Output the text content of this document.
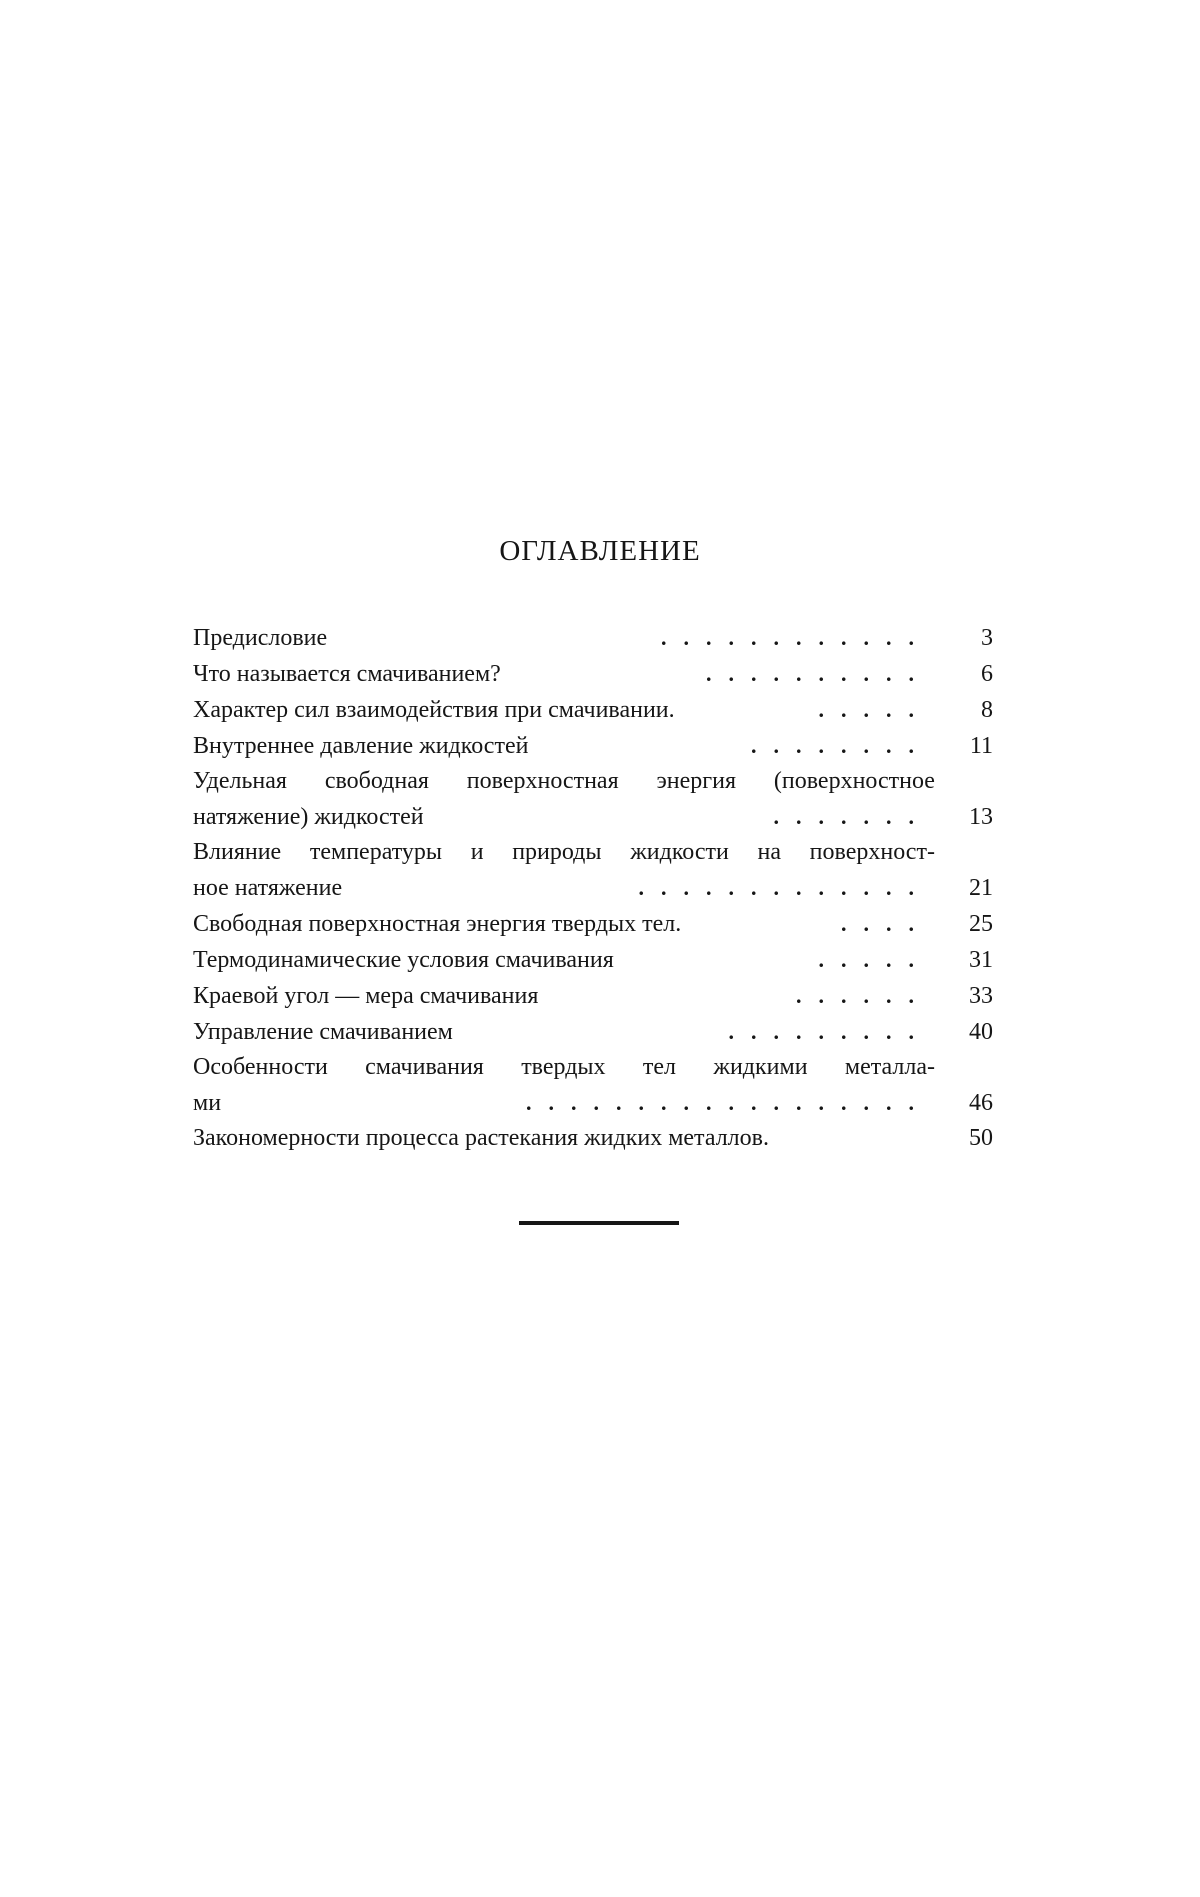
ОГЛАВЛЕНИЕ
Предисловие	............	3
Что называется смачиванием?	..........	6
Характер сил взаимодействия при смачивании.	.....	8
Внутреннее давление жидкостей	........	11
Удельная свободная поверхностная энергия (поверхностное
натяжение) жидкостей	.......	13
Влияние температуры и природы жидкости на поверхност-
ное натяжение	.............	21
Свободная поверхностная энергия твердых тел.	....	25
Термодинамические условия смачивания	.....	31
Краевой угол — мера смачивания	......	33
Управление смачиванием	.........	40
Особенности смачивания твердых тел жидкими металла-
ми	..................	46
Закономерности процесса растекания жидких металлов.	50
